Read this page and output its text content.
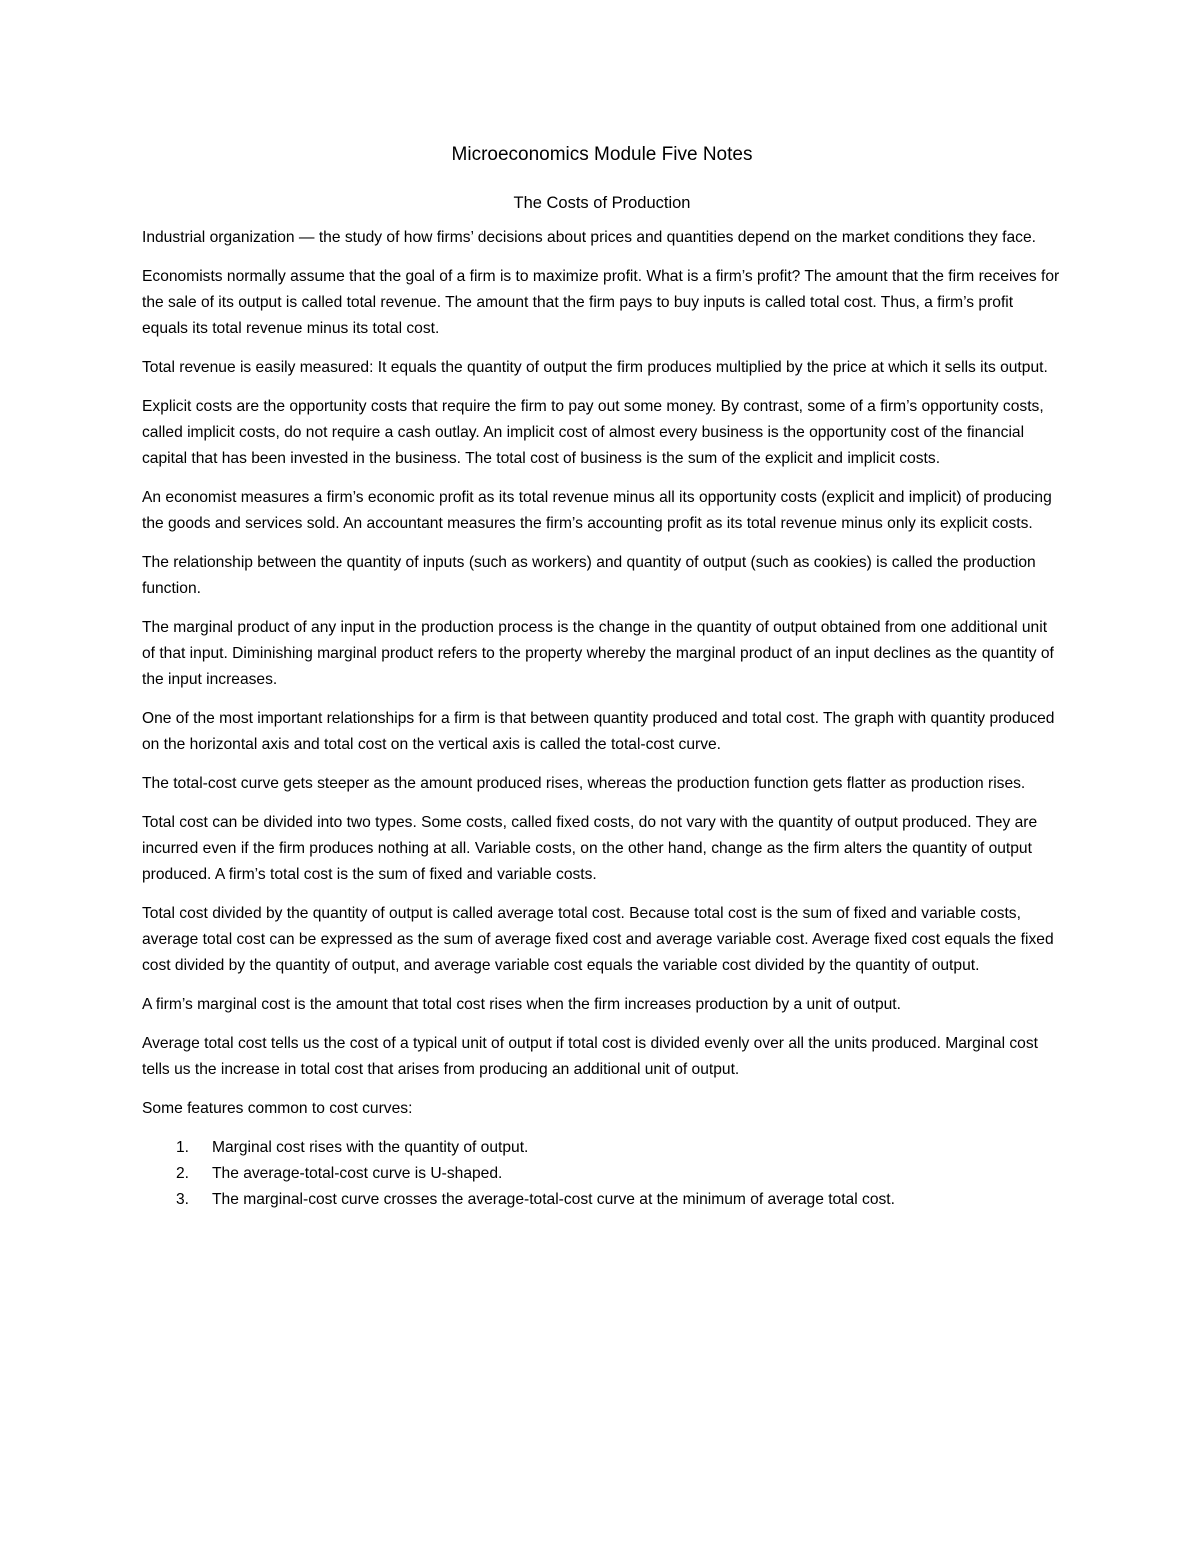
Microeconomics Module Five Notes
The Costs of Production

Industrial organization — the study of how firms’ decisions about prices and quantities depend on the market conditions they face.

Economists normally assume that the goal of a firm is to maximize profit. What is a firm’s profit? The amount that the firm receives for the sale of its output is called total revenue. The amount that the firm pays to buy inputs is called total cost. Thus, a firm’s profit equals its total revenue minus its total cost.

Total revenue is easily measured: It equals the quantity of output the firm produces multiplied by the price at which it sells its output.

Explicit costs are the opportunity costs that require the firm to pay out some money. By contrast, some of a firm’s opportunity costs, called implicit costs, do not require a cash outlay. An implicit cost of almost every business is the opportunity cost of the financial capital that has been invested in the business. The total cost of business is the sum of the explicit and implicit costs.

An economist measures a firm’s economic profit as its total revenue minus all its opportunity costs (explicit and implicit) of producing the goods and services sold. An accountant measures the firm’s accounting profit as its total revenue minus only its explicit costs.

The relationship between the quantity of inputs (such as workers) and quantity of output (such as cookies) is called the production function.

The marginal product of any input in the production process is the change in the quantity of output obtained from one additional unit of that input. Diminishing marginal product refers to the property whereby the marginal product of an input declines as the quantity of the input increases.

One of the most important relationships for a firm is that between quantity produced and total cost. The graph with quantity produced on the horizontal axis and total cost on the vertical axis is called the total-cost curve.

The total-cost curve gets steeper as the amount produced rises, whereas the production function gets flatter as production rises.

Total cost can be divided into two types. Some costs, called fixed costs, do not vary with the quantity of output produced. They are incurred even if the firm produces nothing at all. Variable costs, on the other hand, change as the firm alters the quantity of output produced. A firm’s total cost is the sum of fixed and variable costs.

Total cost divided by the quantity of output is called average total cost. Because total cost is the sum of fixed and variable costs, average total cost can be expressed as the sum of average fixed cost and average variable cost. Average fixed cost equals the fixed cost divided by the quantity of output, and average variable cost equals the variable cost divided by the quantity of output.

A firm’s marginal cost is the amount that total cost rises when the firm increases production by a unit of output.

Average total cost tells us the cost of a typical unit of output if total cost is divided evenly over all the units produced. Marginal cost tells us the increase in total cost that arises from producing an additional unit of output.

Some features common to cost curves:

1. Marginal cost rises with the quantity of output.
2. The average-total-cost curve is U-shaped.
3. The marginal-cost curve crosses the average-total-cost curve at the minimum of average total cost.
